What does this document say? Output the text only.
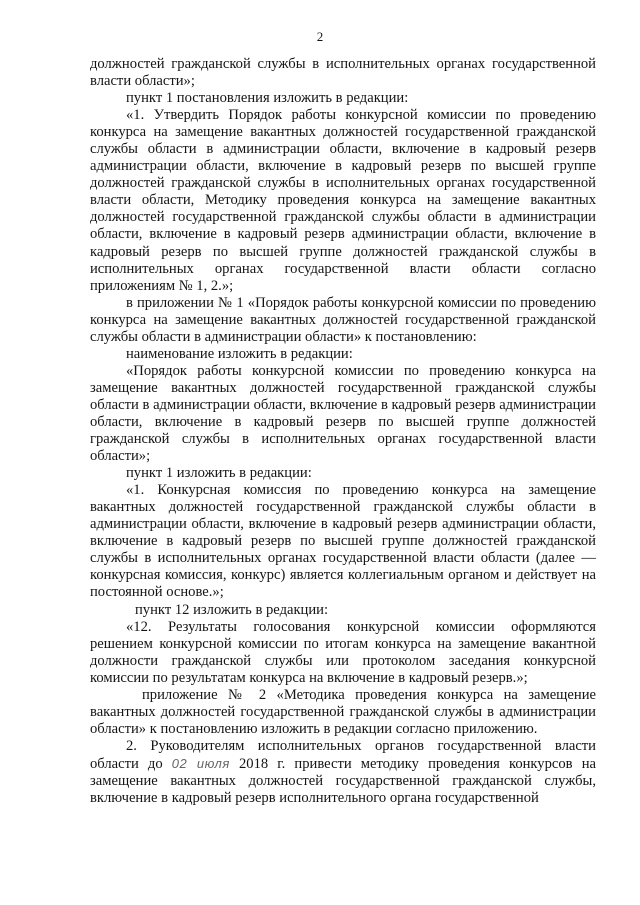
2

должностей гражданской службы в исполнительных органах государственной власти области»;

пункт 1 постановления изложить в редакции:

«1. Утвердить Порядок работы конкурсной комиссии по проведению конкурса на замещение вакантных должностей государственной гражданской службы области в администрации области, включение в кадровый резерв администрации области, включение в кадровый резерв по высшей группе должностей гражданской службы в исполнительных органах государственной власти области, Методику проведения конкурса на замещение вакантных должностей государственной гражданской службы области в администрации области, включение в кадровый резерв администрации области, включение в кадровый резерв по высшей группе должностей гражданской службы в исполнительных органах государственной власти области согласно приложениям № 1, 2.»;

в приложении № 1 «Порядок работы конкурсной комиссии по проведению конкурса на замещение вакантных должностей государственной гражданской службы области в администрации области» к постановлению:

наименование изложить в редакции:

«Порядок работы конкурсной комиссии по проведению конкурса на замещение вакантных должностей государственной гражданской службы области в администрации области, включение в кадровый резерв администрации области, включение в кадровый резерв по высшей группе должностей гражданской службы в исполнительных органах государственной власти области»;

пункт 1 изложить в редакции:

«1. Конкурсная комиссия по проведению конкурса на замещение вакантных должностей государственной гражданской службы области в администрации области, включение в кадровый резерв администрации области, включение в кадровый резерв по высшей группе должностей гражданской службы в исполнительных органах государственной власти области (далее — конкурсная комиссия, конкурс) является коллегиальным органом и действует на постоянной основе.»;

пункт 12 изложить в редакции:

«12. Результаты голосования конкурсной комиссии оформляются решением конкурсной комиссии по итогам конкурса на замещение вакантной должности гражданской службы или протоколом заседания конкурсной комиссии по результатам конкурса на включение в кадровый резерв.»;

приложение № 2 «Методика проведения конкурса на замещение вакантных должностей государственной гражданской службы в администрации области» к постановлению изложить в редакции согласно приложению.

2. Руководителям исполнительных органов государственной власти области до 02 июля 2018 г. привести методику проведения конкурсов на замещение вакантных должностей государственной гражданской службы, включение в кадровый резерв исполнительного органа государственной
